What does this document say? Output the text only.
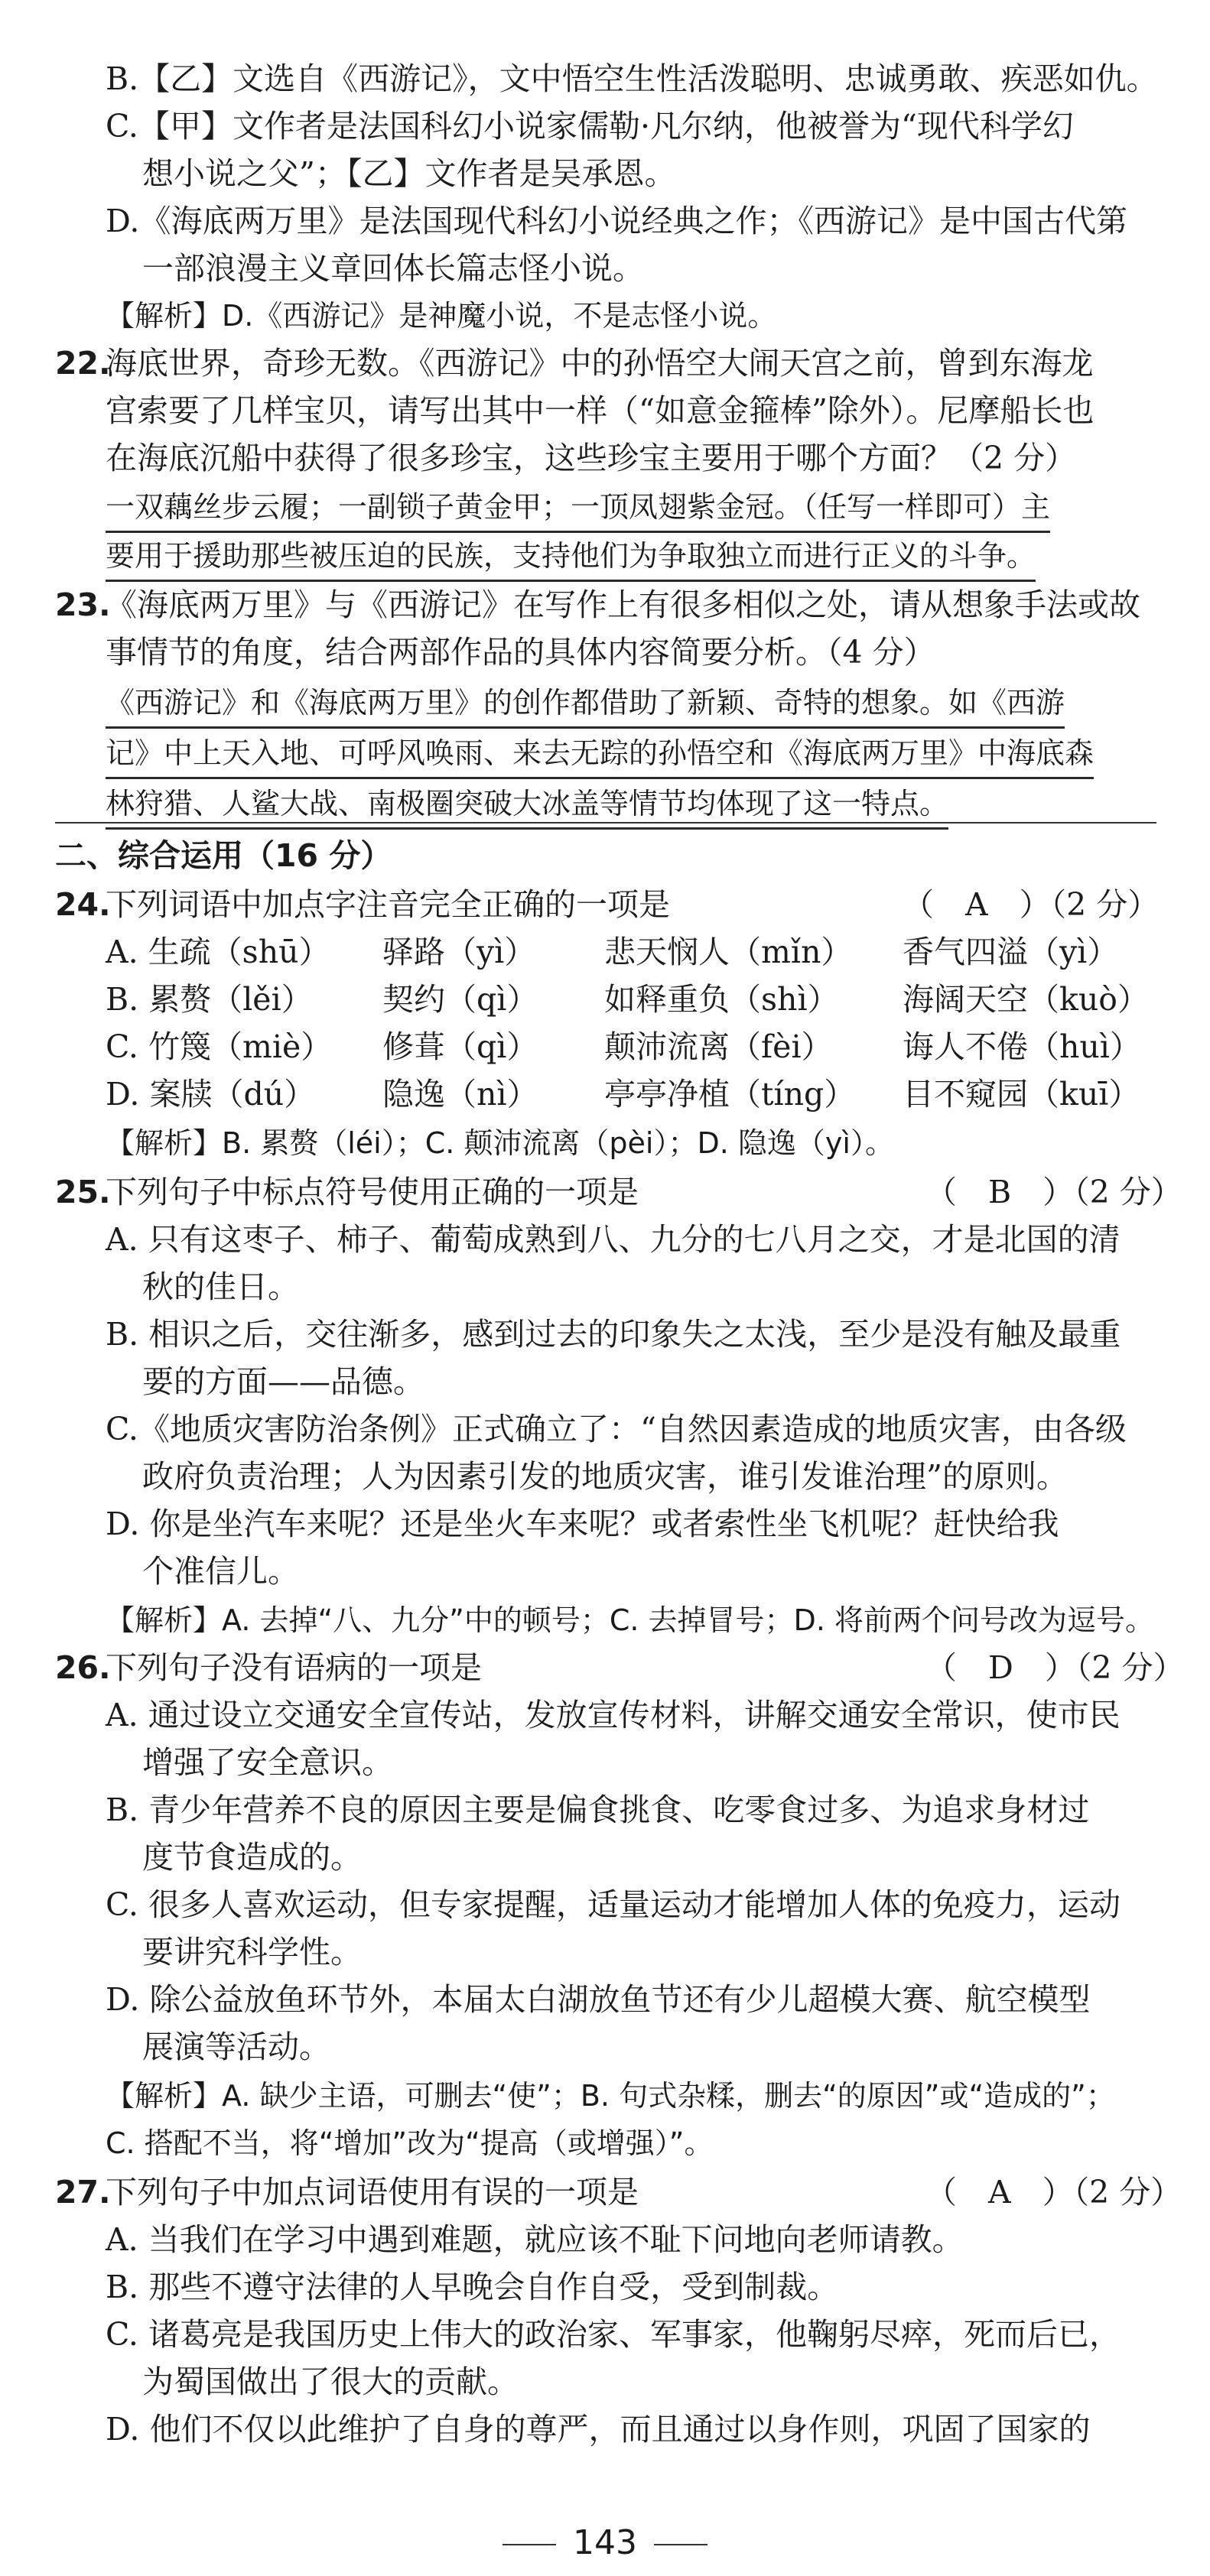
B.【乙】文选自《西游记》，文中悟空生性活泼聪明、忠诚勇敢、疾恶如仇。
C.【甲】文作者是法国科幻小说家儒勒·凡尔纳，他被誉为“现代科学幻
想小说之父”；【乙】文作者是吴承恩。
D.《海底两万里》是法国现代科幻小说经典之作；《西游记》是中国古代第
一部浪漫主义章回体长篇志怪小说。
【解析】D.《西游记》是神魔小说，不是志怪小说。
22.
海底世界，奇珍无数。《西游记》中的孙悟空大闹天宫之前，曾到东海龙
宫索要了几样宝贝，请写出其中一样（“如意金箍棒”除外）。尼摩船长也
在海底沉船中获得了很多珍宝，这些珍宝主要用于哪个方面？（2 分）
一双藕丝步云履；一副锁子黄金甲；一顶凤翅紫金冠。（任写一样即可）主
要用于援助那些被压迫的民族，支持他们为争取独立而进行正义的斗争。
23.
《海底两万里》与《西游记》在写作上有很多相似之处，请从想象手法或故
事情节的角度，结合两部作品的具体内容简要分析。（4 分）
《西游记》和《海底两万里》的创作都借助了新颖、奇特的想象。如《西游
记》中上天入地、可呼风唤雨、来去无踪的孙悟空和《海底两万里》中海底森
林狩猎、人鲨大战、南极圈突破大冰盖等情节均体现了这一特点。
二、综合运用（16 分）
24.
下列词语中加点字注音完全正确的一项是	（　A　）（2 分）
A. 生疏（shū） 驿路（yì） 悲天悯人（mǐn） 香气四溢（yì）
B. 累赘（lěi） 契约（qì） 如释重负（shì） 海阔天空（kuò）
C. 竹篾（miè） 修葺（qì） 颠沛流离（fèi） 诲人不倦（huì）
D. 案牍（dú） 隐逸（nì） 亭亭净植（tíng） 目不窥园（kuī）
【解析】B. 累赘（léi）；C. 颠沛流离（pèi）；D. 隐逸（yì）。
25.
下列句子中标点符号使用正确的一项是	（　B　）（2 分）
A. 只有这枣子、柿子、葡萄成熟到八、九分的七八月之交，才是北国的清
秋的佳日。
B. 相识之后，交往渐多，感到过去的印象失之太浅，至少是没有触及最重
要的方面——品德。
C.《地质灾害防治条例》正式确立了：“自然因素造成的地质灾害，由各级
政府负责治理；人为因素引发的地质灾害，谁引发谁治理”的原则。
D. 你是坐汽车来呢？还是坐火车来呢？或者索性坐飞机呢？赶快给我
个准信儿。
【解析】A. 去掉“八、九分”中的顿号；C. 去掉冒号；D. 将前两个问号改为逗号。
26.
下列句子没有语病的一项是	（　D　）（2 分）
A. 通过设立交通安全宣传站，发放宣传材料，讲解交通安全常识，使市民
增强了安全意识。
B. 青少年营养不良的原因主要是偏食挑食、吃零食过多、为追求身材过
度节食造成的。
C. 很多人喜欢运动，但专家提醒，适量运动才能增加人体的免疫力，运动
要讲究科学性。
D. 除公益放鱼环节外，本届太白湖放鱼节还有少儿超模大赛、航空模型
展演等活动。
【解析】A. 缺少主语，可删去“使”；B. 句式杂糅，删去“的原因”或“造成的”；
C. 搭配不当，将“增加”改为“提高（或增强）”。
27.
下列句子中加点词语使用有误的一项是	（　A　）（2 分）
A. 当我们在学习中遇到难题，就应该不耻下问地向老师请教。
B. 那些不遵守法律的人早晚会自作自受，受到制裁。
C. 诸葛亮是我国历史上伟大的政治家、军事家，他鞠躬尽瘁，死而后已，
为蜀国做出了很大的贡献。
D. 他们不仅以此维护了自身的尊严，而且通过以身作则，巩固了国家的
143
